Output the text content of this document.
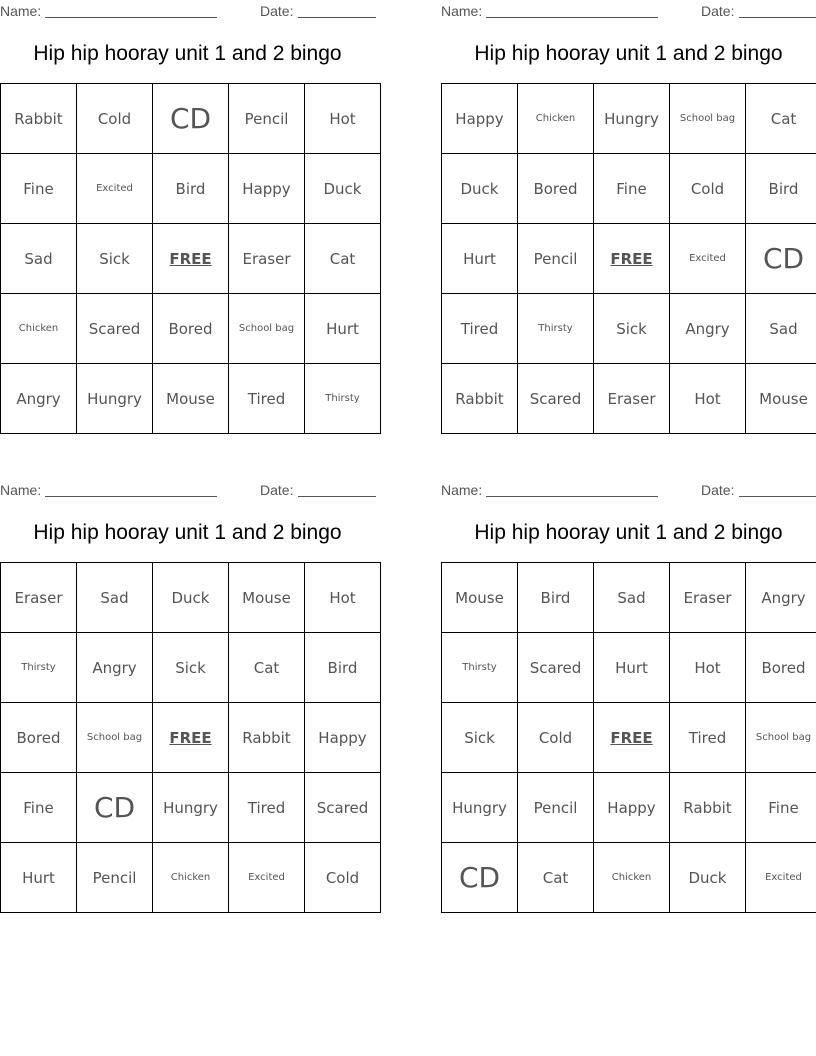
Name:	Date:
Hip hip hooray unit 1 and 2 bingo
Rabbit	Cold	CD	Pencil	Hot
Fine	Excited	Bird	Happy	Duck
Sad	Sick	FREE	Eraser	Cat
Chicken	Scared	Bored	School bag	Hurt
Angry	Hungry	Mouse	Tired	Thirsty
Name:	Date:
Hip hip hooray unit 1 and 2 bingo
Happy	Chicken	Hungry	School bag	Cat
Duck	Bored	Fine	Cold	Bird
Hurt	Pencil	FREE	Excited	CD
Tired	Thirsty	Sick	Angry	Sad
Rabbit	Scared	Eraser	Hot	Mouse
Name:	Date:
Hip hip hooray unit 1 and 2 bingo
Eraser	Sad	Duck	Mouse	Hot
Thirsty	Angry	Sick	Cat	Bird
Bored	School bag	FREE	Rabbit	Happy
Fine	CD	Hungry	Tired	Scared
Hurt	Pencil	Chicken	Excited	Cold
Name:	Date:
Hip hip hooray unit 1 and 2 bingo
Mouse	Bird	Sad	Eraser	Angry
Thirsty	Scared	Hurt	Hot	Bored
Sick	Cold	FREE	Tired	School bag
Hungry	Pencil	Happy	Rabbit	Fine
CD	Cat	Chicken	Duck	Excited
